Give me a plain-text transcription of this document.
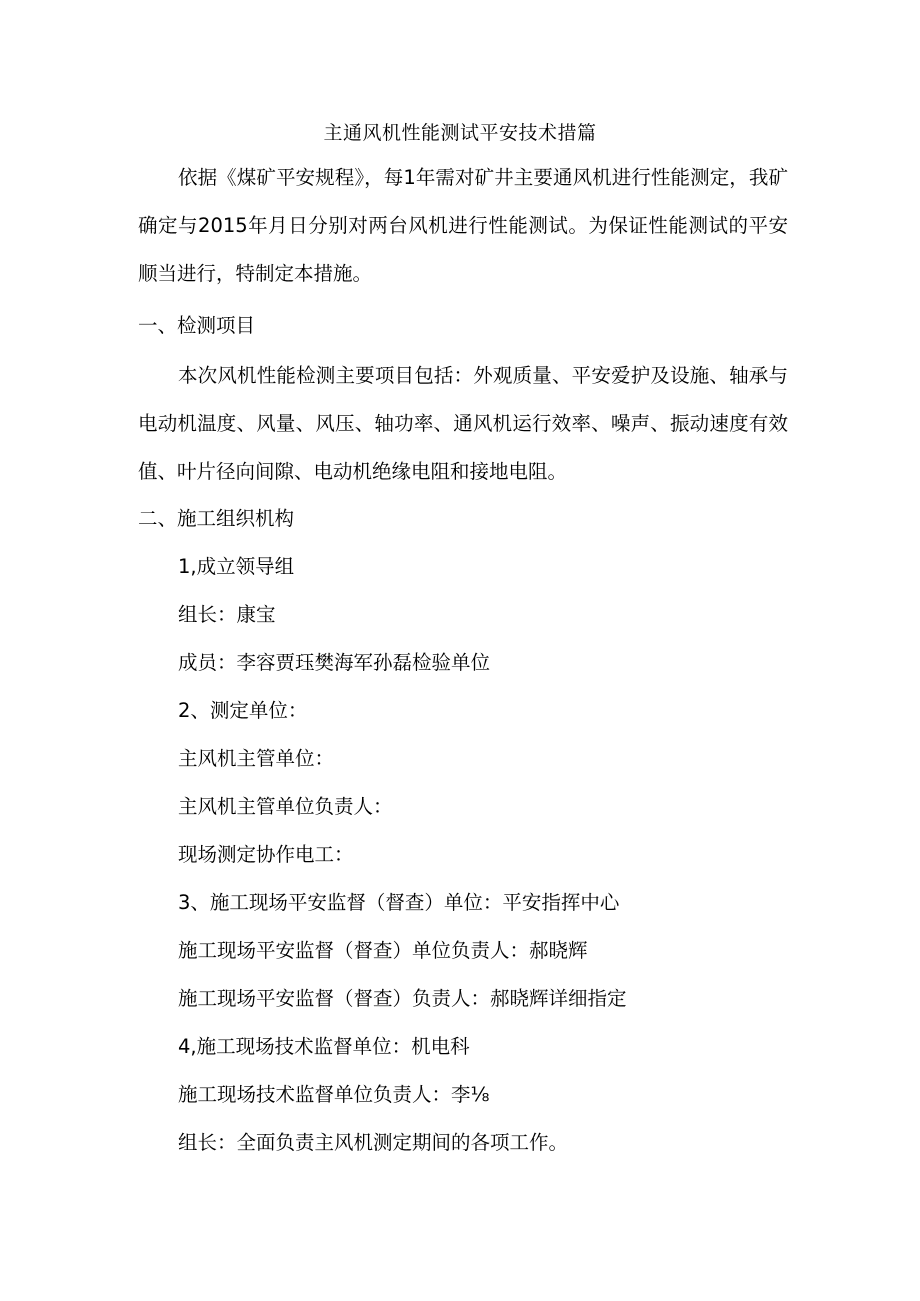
主通风机性能测试平安技术措篇
依据《煤矿平安规程》，每1年需对矿井主要通风机进行性能测定，我矿确定与2015年月日分别对两台风机进行性能测试。为保证性能测试的平安顺当进行，特制定本措施。
一、检测项目
本次风机性能检测主要项目包括：外观质量、平安爱护及设施、轴承与电动机温度、风量、风压、轴功率、通风机运行效率、噪声、振动速度有效值、叶片径向间隙、电动机绝缘电阻和接地电阻。
二、施工组织机构
1,成立领导组
组长：康宝
成员：李容贾珏樊海军孙磊检验单位
2、测定单位：
主风机主管单位：
主风机主管单位负责人：
现场测定协作电工：
3、施工现场平安监督（督查）单位：平安指挥中心
施工现场平安监督（督查）单位负责人：郝晓辉
施工现场平安监督（督查）负责人：郝晓辉详细指定
4,施工现场技术监督单位：机电科
施工现场技术监督单位负责人：李⅛
组长：全面负责主风机测定期间的各项工作。
